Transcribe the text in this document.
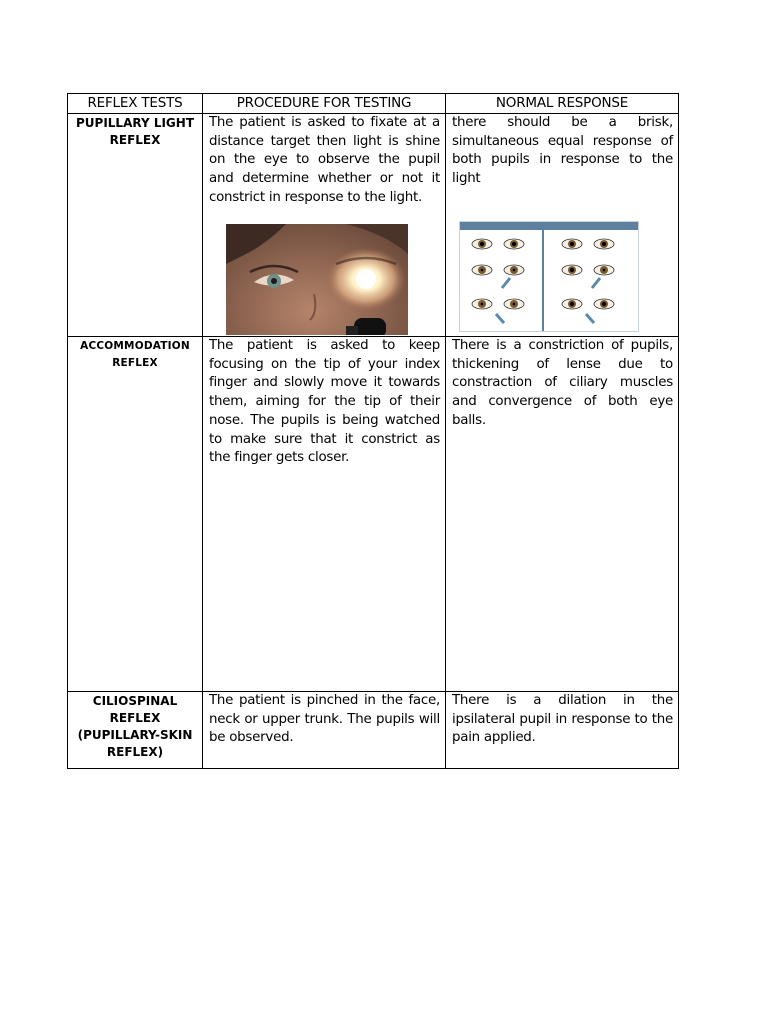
REFLEX TESTS	PROCEDURE FOR TESTING	NORMAL RESPONSE

PUPILLARY LIGHT REFLEX	The patient is asked to fixate at a distance target then light is shine on the eye to observe the pupil and determine whether or not it constrict in response to the light.	there should be a brisk, simultaneous equal response of both pupils in response to the light

ACCOMMODATION REFLEX	The patient is asked to keep focusing on the tip of your index finger and slowly move it towards them, aiming for the tip of their nose. The pupils is being watched to make sure that it constrict as the finger gets closer.	There is a constriction of pupils, thickening of lense due to constraction of ciliary muscles and convergence of both eye balls.

CILIOSPINAL REFLEX (PUPILLARY-SKIN REFLEX)	The patient is pinched in the face, neck or upper trunk. The pupils will be observed.	There is a dilation in the ipsilateral pupil in response to the pain applied.
